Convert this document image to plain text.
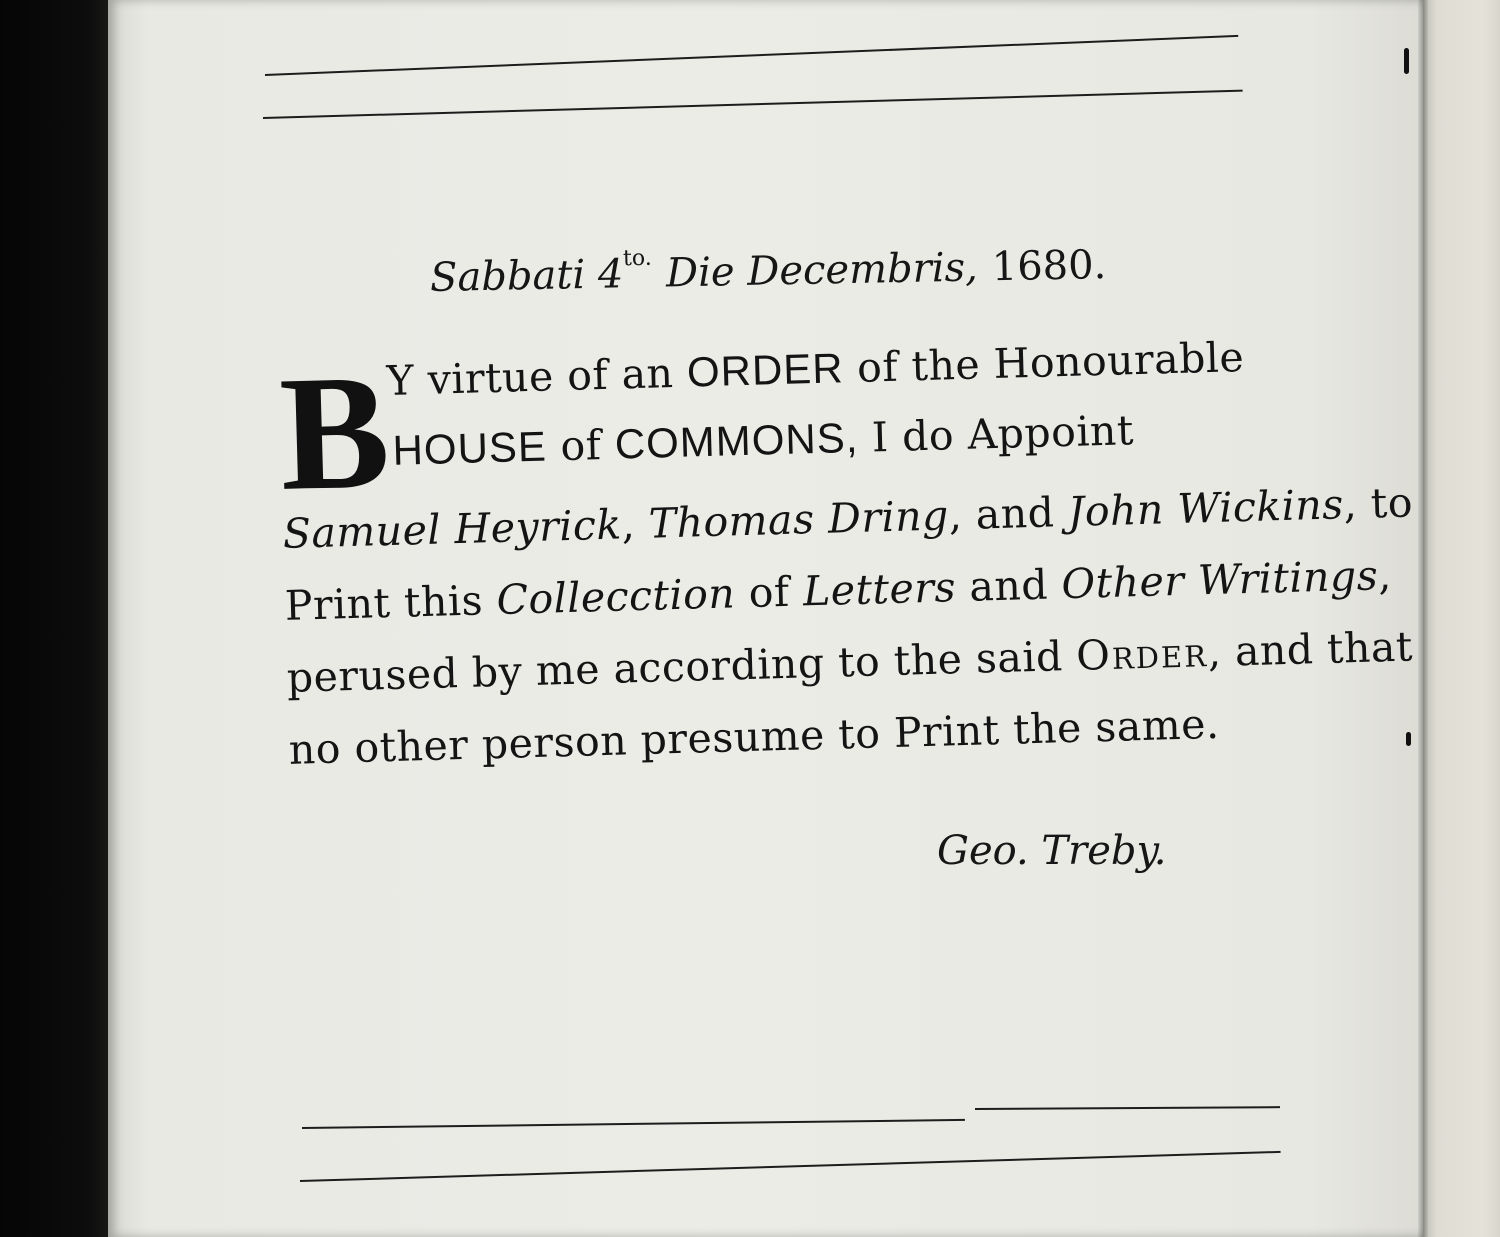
Sabbati $4^{to.}$ Die Decembris, 1680.
B
Y virtue of an ORDER of the Honourable
HOUSE of COMMONS, I do Appoint
Samuel Heyrick, Thomas Dring, and John Wickins, to
Print this Collecction of Letters and Other Writings,
perused by me according to the said Order, and that
no other person presume to Print the same.
Geo. Treby.
